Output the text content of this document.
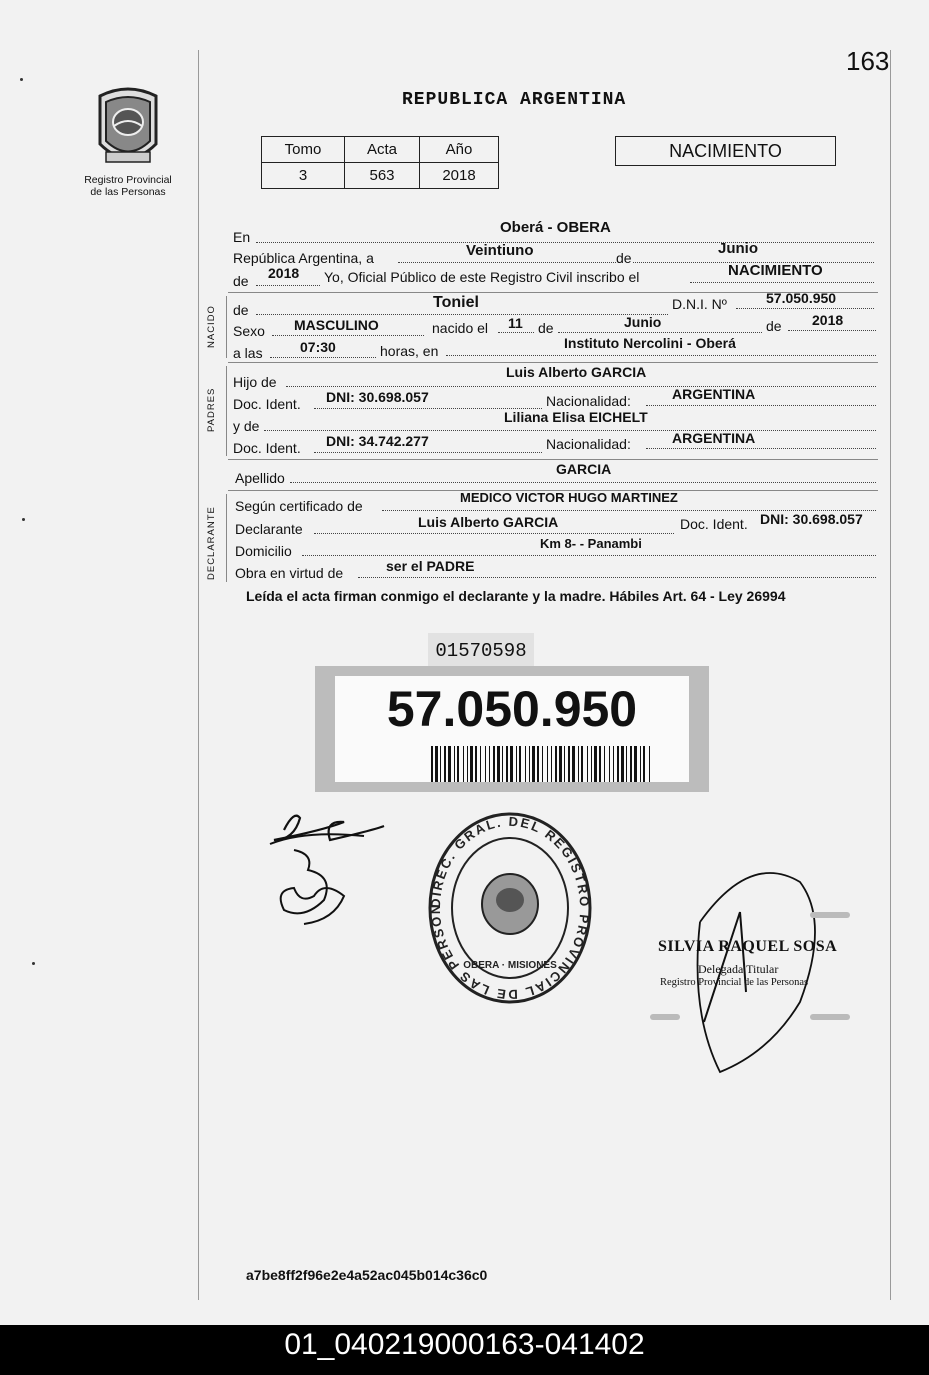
163
Registro Provincial
de las Personas
REPUBLICA ARGENTINA
Tomo	Acta	Año
3	563	2018
NACIMIENTO
En
Oberá - OBERA
República Argentina, a	Veintiuno	de
Junio
de 2018 Yo, Oficial Público de este Registro Civil inscribo el	NACIMIENTO
NACIDO de	Toniel	D.N.I. Nº	57.050.950
Sexo MASCULINO	nacido el 11 de	Junio	de 2018
a las	07:30	horas, en	Instituto Nercolini - Oberá
PADRES
Hijo de
Luis Alberto GARCIA
Doc. Ident. DNI: 30.698.057	Nacionalidad:	ARGENTINA
y de
Liliana Elisa EICHELT
Doc. Ident. DNI: 34.742.277	Nacionalidad:	ARGENTINA
Apellido
GARCIA
DECLARANTE
Según certificado de
MEDICO VICTOR HUGO MARTINEZ
Declarante	Luis Alberto GARCIA	Doc. Ident. DNI: 30.698.057
Domicilio	Km 8- - Panambi
Obra en virtud de	ser el PADRE
Leída el acta firman conmigo el declarante y la madre. Hábiles Art. 64 - Ley 26994
01570598
57.050.950
DIREC. GRAL. DEL REGISTRO PROVINCIAL DE LAS PERSONAS
OBERA · MISIONES
SILVIA RAQUEL SOSA
Delegada Titular
Registro Provincial de las Personas
a7be8ff2f96e2e4a52ac045b014c36c0
01_040219000163-041402
